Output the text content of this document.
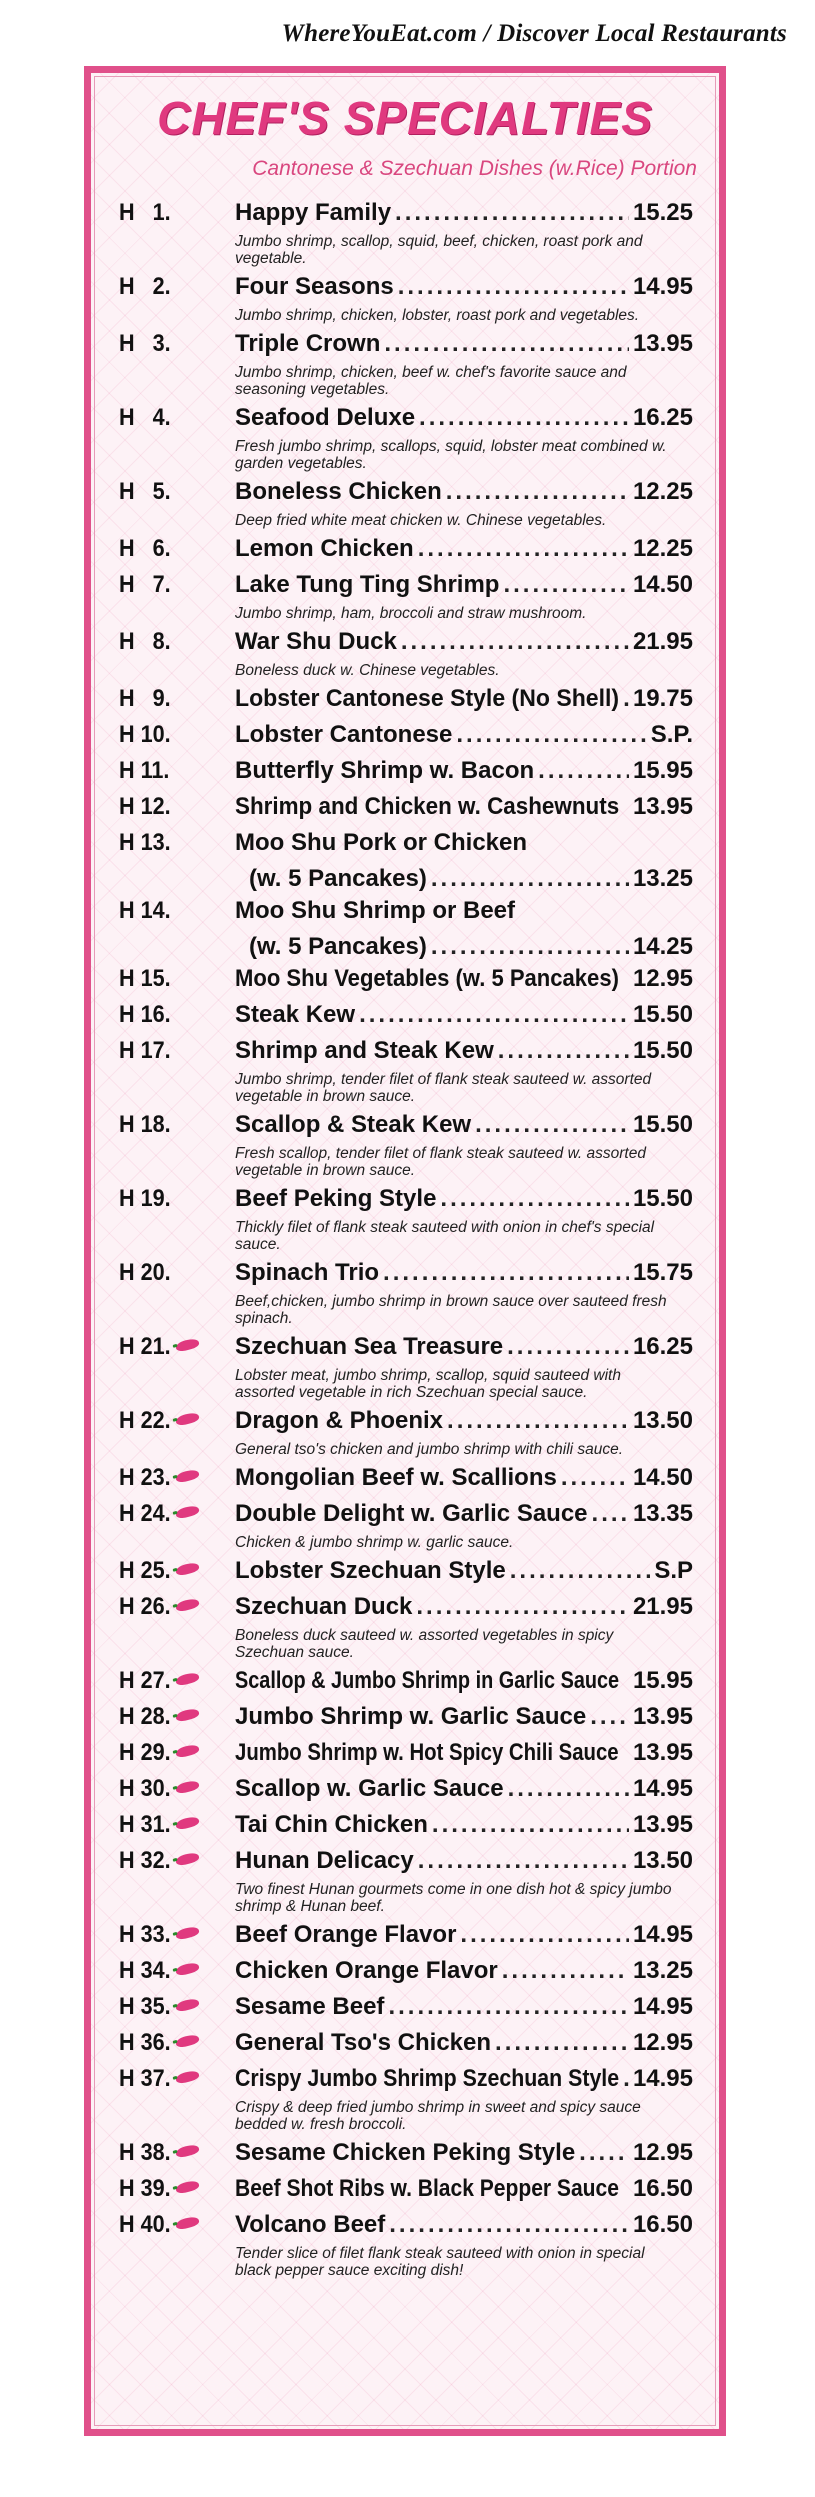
WhereYouEat.com / Discover Local Restaurants
CHEF'S SPECIALTIES
Cantonese & Szechuan Dishes (w.Rice) Portion
H   1.	Happy Family .....	15.25
Jumbo shrimp, scallop, squid, beef, chicken, roast pork and vegetable.
H   2.	Four Seasons .....	14.95
Jumbo shrimp, chicken, lobster, roast pork and vegetables.
H   3.	Triple Crown .....	13.95
Jumbo shrimp, chicken, beef w. chef's favorite sauce and seasoning vegetables.
H   4.	Seafood Deluxe .....	16.25
Fresh jumbo shrimp, scallops, squid, lobster meat combined w. garden vegetables.
H   5.	Boneless Chicken .....	12.25
Deep fried white meat chicken w. Chinese vegetables.
H   6.	Lemon Chicken .....	12.25
H   7.	Lake Tung Ting Shrimp .....	14.50
Jumbo shrimp, ham, broccoli and straw mushroom.
H   8.	War Shu Duck .....	21.95
Boneless duck w. Chinese vegetables.
H   9.	Lobster Cantonese Style (No Shell) ..... 19.75
H 10.	Lobster Cantonese .....	S.P.
H 11.	Butterfly Shrimp w. Bacon .....	15.95
H 12.	Shrimp and Chicken w. Cashewnuts 13.95
H 13.	Moo Shu Pork or Chicken
(w. 5 Pancakes) .....	13.25
H 14.	Moo Shu Shrimp or Beef
(w. 5 Pancakes) .....	14.25
H 15.	Moo Shu Vegetables (w. 5 Pancakes) 12.95
H 16.	Steak Kew .....	15.50
H 17.	Shrimp and Steak Kew .....	15.50
Jumbo shrimp, tender filet of flank steak sauteed w. assorted vegetable in brown sauce.
H 18.	Scallop & Steak Kew .....	15.50
Fresh scallop, tender filet of flank steak sauteed w. assorted vegetable in brown sauce.
H 19.	Beef Peking Style .....	15.50
Thickly filet of flank steak sauteed with onion in chef's special sauce.
H 20.	Spinach Trio .....	15.75
Beef,chicken, jumbo shrimp in brown sauce over sauteed fresh spinach.
H 21.	Szechuan Sea Treasure .....	16.25
Lobster meat, jumbo shrimp, scallop, squid sauteed with assorted vegetable in rich Szechuan special sauce.
H 22.	Dragon & Phoenix .....	13.50
General tso's chicken and jumbo shrimp with chili sauce.
H 23.	Mongolian Beef w. Scallions .....	14.50
H 24.	Double Delight w. Garlic Sauce ..... 13.35
Chicken & jumbo shrimp w. garlic sauce.
H 25.	Lobster Szechuan Style .....	S.P
H 26.	Szechuan Duck .....	21.95
Boneless duck sauteed w. assorted vegetables in spicy Szechuan sauce.
H 27.	Scallop & Jumbo Shrimp in Garlic Sauce 15.95
H 28.	Jumbo Shrimp w. Garlic Sauce ..... 13.95
H 29.	Jumbo Shrimp w. Hot Spicy Chili Sauce 13.95
H 30.	Scallop w. Garlic Sauce .....	14.95
H 31.	Tai Chin Chicken .....	13.95
H 32.	Hunan Delicacy .....	13.50
Two finest Hunan gourmets come in one dish hot & spicy jumbo shrimp & Hunan beef.
H 33.	Beef Orange Flavor .....	14.95
H 34.	Chicken Orange Flavor .....	13.25
H 35.	Sesame Beef .....	14.95
H 36.	General Tso's Chicken .....	12.95
H 37.	Crispy Jumbo Shrimp Szechuan Style ..... 14.95
Crispy & deep fried jumbo shrimp in sweet and spicy sauce bedded w. fresh broccoli.
H 38.	Sesame Chicken Peking Style ..... 12.95
H 39.	Beef Shot Ribs w. Black Pepper Sauce 16.50
H 40.	Volcano Beef .....	16.50
Tender slice of filet flank steak sauteed with onion in special black pepper sauce exciting dish!
